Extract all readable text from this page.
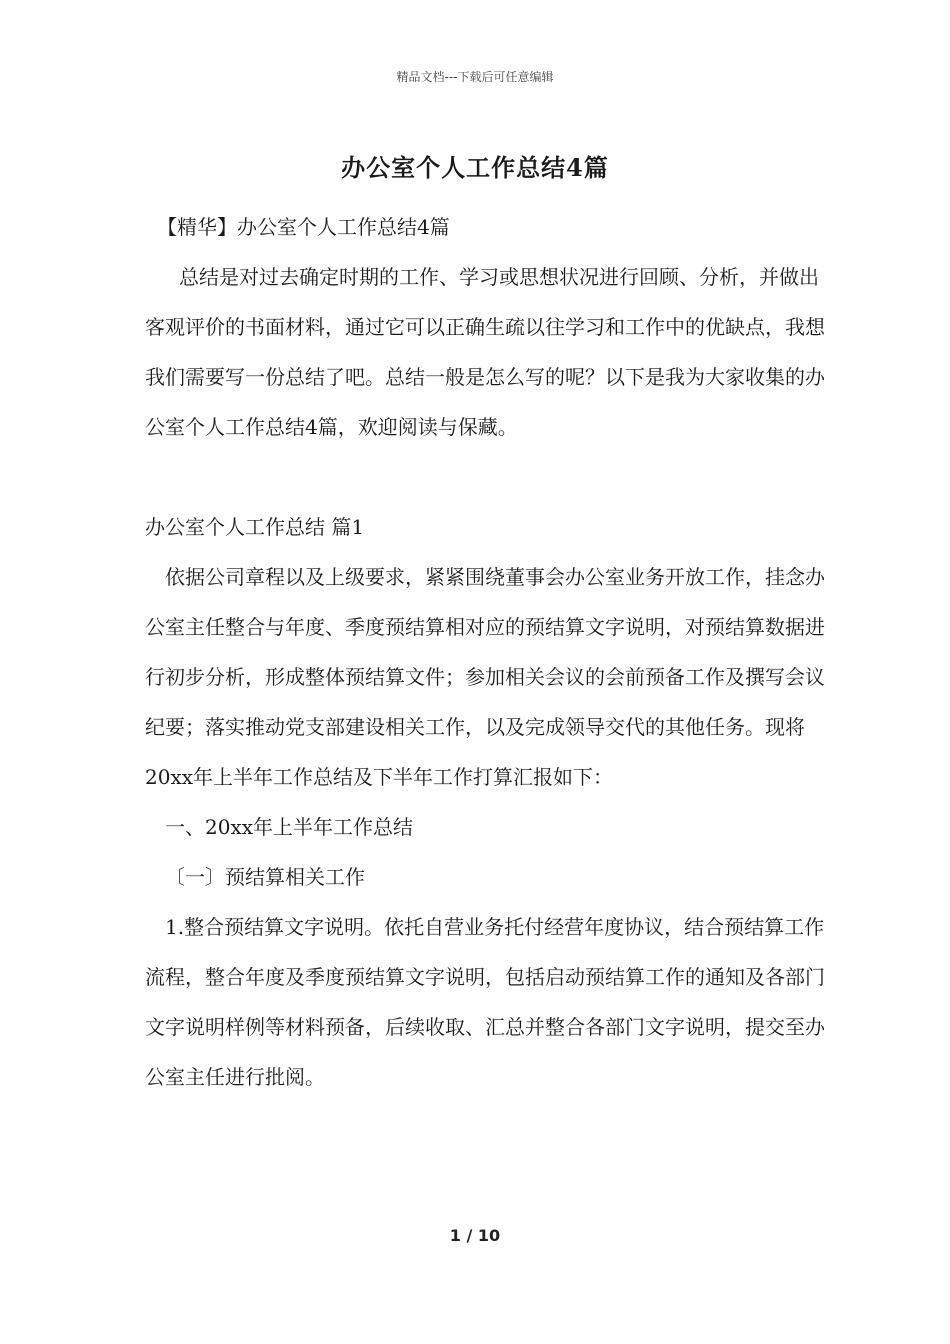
精品文档---下载后可任意编辑
办公室个人工作总结4篇

【精华】办公室个人工作总结4篇

总结是对过去确定时期的工作、学习或思想状况进行回顾、分析，并做出客观评价的书面材料，通过它可以正确生疏以往学习和工作中的优缺点，我想我们需要写一份总结了吧。总结一般是怎么写的呢？以下是我为大家收集的办公室个人工作总结4篇，欢迎阅读与保藏。

办公室个人工作总结 篇1

依据公司章程以及上级要求，紧紧围绕董事会办公室业务开放工作，挂念办公室主任整合与年度、季度预结算相对应的预结算文字说明，对预结算数据进行初步分析，形成整体预结算文件；参加相关会议的会前预备工作及撰写会议纪要；落实推动党支部建设相关工作，以及完成领导交代的其他任务。现将20xx年上半年工作总结及下半年工作打算汇报如下：

一、20xx年上半年工作总结

〔一〕预结算相关工作

1.整合预结算文字说明。依托自营业务托付经营年度协议，结合预结算工作流程，整合年度及季度预结算文字说明，包括启动预结算工作的通知及各部门文字说明样例等材料预备，后续收取、汇总并整合各部门文字说明，提交至办公室主任进行批阅。

1 / 10
